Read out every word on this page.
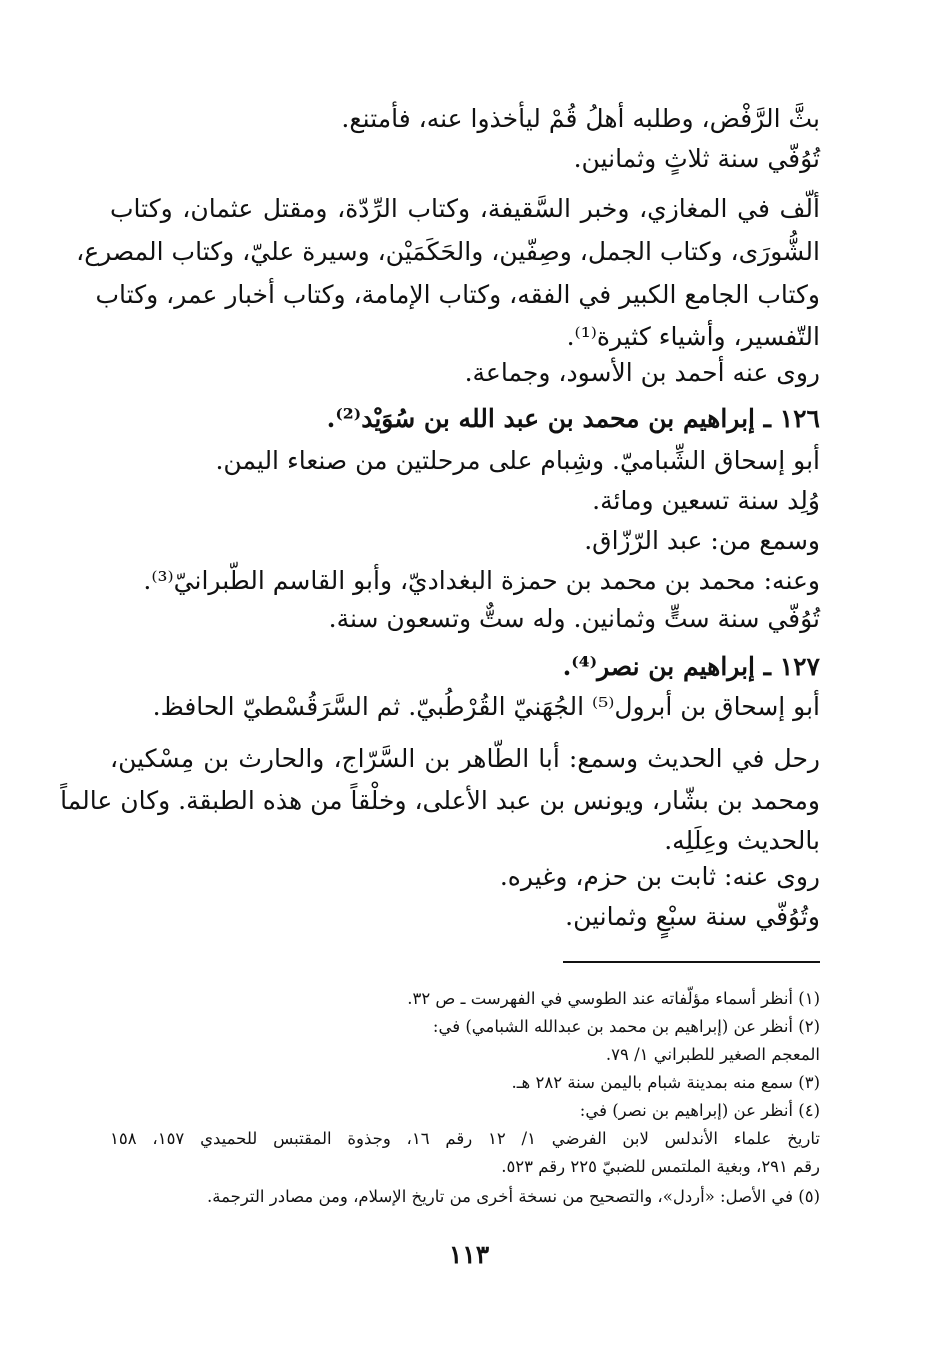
بثَّ الرَّفْض، وطلبه أهلُ قُمْ ليأخذوا عنه، فأمتنع.
تُوُفّي سنة ثلاثٍ وثمانين.
ألّف في المغازي، وخبر السَّقيفة، وكتاب الرِّدّة، ومقتل عثمان، وكتاب
الشُّورَى، وكتاب الجمل، وصِفّين، والحَكَمَيْن، وسيرة عليّ، وكتاب المصرع،
وكتاب الجامع الكبير في الفقه، وكتاب الإمامة، وكتاب أخبار عمر، وكتاب
التّفسير، وأشياء كثيرة⁽¹⁾.
روى عنه أحمد بن الأسود، وجماعة.
١٢٦ ـ إبراهيم بن محمد بن عبد الله بن سُوَيْد⁽²⁾.
أبو إسحاق الشِّباميّ. وشِبام على مرحلتين من صنعاء اليمن.
وُلِد سنة تسعين ومائة.
وسمع من: عبد الرّزّاق.
وعنه: محمد بن محمد بن حمزة البغداديّ، وأبو القاسم الطّبرانيّ⁽³⁾.
تُوُفّي سنة ستٍّ وثمانين. وله ستٌّ وتسعون سنة.
١٢٧ ـ إبراهيم بن نصر⁽⁴⁾.
أبو إسحاق بن أبرول⁽⁵⁾ الجُهَنيّ القُرْطُبيّ. ثم السَّرَقُسْطيّ الحافظ.
رحل في الحديث وسمع: أبا الطّاهر بن السَّرّاج، والحارث بن مِسْكين،
ومحمد بن بشّار، ويونس بن عبد الأعلى، وخلْقاً من هذه الطبقة. وكان عالماً
بالحديث وعِلَلِه.
روى عنه: ثابت بن حزم، وغيره.
وتُوُفّي سنة سبْعٍ وثمانين.
(١) أنظر أسماء مؤلّفاته عند الطوسي في الفهرست ـ ص ٣٢.
(٢) أنظر عن (إبراهيم بن محمد بن عبدالله الشبامي) في:
المعجم الصغير للطبراني ١/ ٧٩.
(٣) سمع منه بمدينة شبام باليمن سنة ٢٨٢ هـ.
(٤) أنظر عن (إبراهيم بن نصر) في:
تاريخ علماء الأندلس لابن الفرضي ١/ ١٢ رقم ١٦، وجذوة المقتبس للحميدي ١٥٧، ١٥٨
رقم ٢٩١، وبغية الملتمس للضبيّ ٢٢٥ رقم ٥٢٣.
(٥) في الأصل: «أردل»، والتصحيح من نسخة أخرى من تاريخ الإسلام، ومن مصادر الترجمة.
١١٣
